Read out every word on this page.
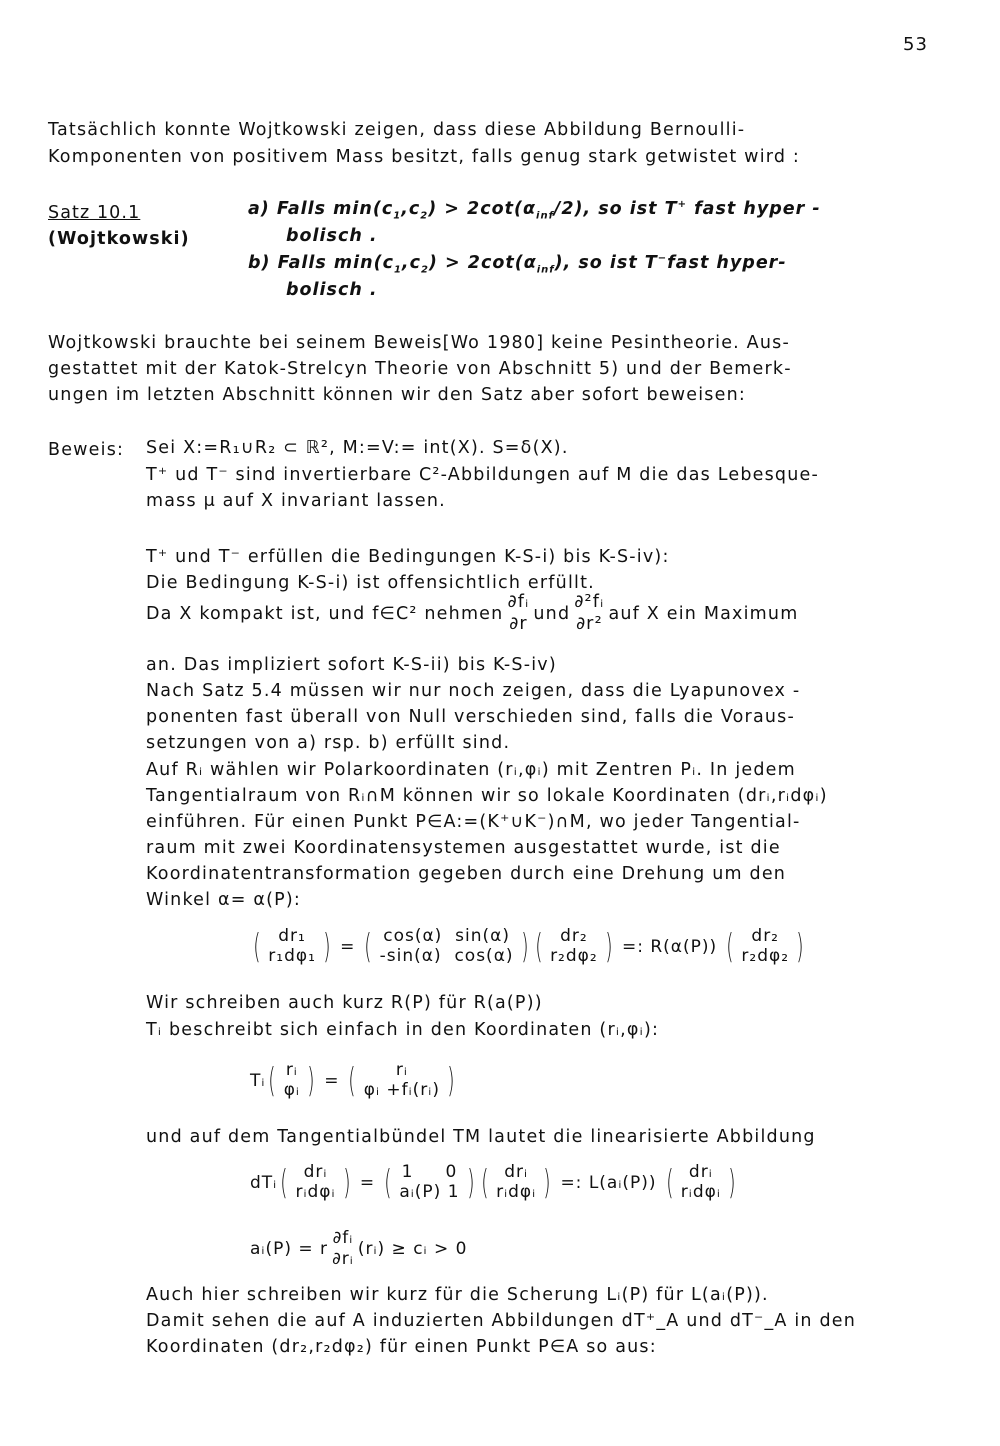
53
Tatsächlich konnte Wojtkowski zeigen, dass diese Abbildung Bernoulli-
Komponenten von positivem Mass besitzt, falls genug stark getwistet wird :
Satz 10.1
(Wojtkowski)
a) Falls $\min(c_1,c_2) > 2\cot(\alpha_{inf}/2)$, so ist T+ fast hyper -
bolisch .
b) Falls $\min(c_1,c_2) > 2\cot(\alpha_{inf})$, so ist T−fast hyper-
bolisch .
Wojtkowski brauchte bei seinem Beweis[Wo 1980] keine Pesintheorie. Aus-
gestattet mit der Katok-Strelcyn Theorie von Abschnitt 5) und der Bemerk-
ungen im letzten Abschnitt können wir den Satz aber sofort beweisen:
Beweis: Sei X:=R₁∪R₂ ⊂ ℝ², M:=V:= int(X). S=δ(X).
T⁺ ud T⁻ sind invertierbare C²-Abbildungen auf M die das Lebesque-
mass μ auf X invariant lassen.
T⁺ und T⁻ erfüllen die Bedingungen K-S-i) bis K-S-iv):
Die Bedingung K-S-i) ist offensichtlich erfüllt.
Da X kompakt ist, und f∈C² nehmen
∂fᵢ
∂r und
∂²fᵢ
∂r² auf X ein Maximum
an. Das impliziert sofort K-S-ii) bis K-S-iv)
Nach Satz 5.4 müssen wir nur noch zeigen, dass die Lyapunovex -
ponenten fast überall von Null verschieden sind, falls die Voraus-
setzungen von a) rsp. b) erfüllt sind.
Auf Rᵢ wählen wir Polarkoordinaten (rᵢ,φᵢ) mit Zentren Pᵢ. In jedem
Tangentialraum von Rᵢ∩M können wir so lokale Koordinaten (drᵢ,rᵢdφᵢ)
einführen. Für einen Punkt P∈A:=(K⁺∪K⁻)∩M, wo jeder Tangential-
raum mit zwei Koordinatensystemen ausgestattet wurde, ist die
Koordinatentransformation gegeben durch eine Drehung um den
Winkel α= α(P):
(	dr₁
r₁dφ₁ ) = ( cos(α) sin(α)
-sin(α) cos(α) ) (	dr₂
r₂dφ₂ ) =: R(α(P)) (	dr₂
r₂dφ₂ )
Wir schreiben auch kurz R(P) für R(a(P))
Tᵢ beschreibt sich einfach in den Koordinaten (rᵢ,φᵢ):
Tᵢ ( rᵢ
φᵢ ) = (	rᵢ
φᵢ +fᵢ(rᵢ) )
und auf dem Tangentialbündel TM lautet die linearisierte Abbildung
dTᵢ ( drᵢ
rᵢdφᵢ ) = ( 1 0
aᵢ(P) 1 ) ( drᵢ
rᵢdφᵢ ) =: L(aᵢ(P)) ( drᵢ
rᵢdφᵢ )
aᵢ(P) = r
∂fᵢ
∂rᵢ (rᵢ) ≥ cᵢ > 0
Auch hier schreiben wir kurz für die Scherung Lᵢ(P) für L(aᵢ(P)).
Damit sehen die auf A induzierten Abbildungen dT⁺_A und dT⁻_A in den
Koordinaten (dr₂,r₂dφ₂) für einen Punkt P∈A so aus:
